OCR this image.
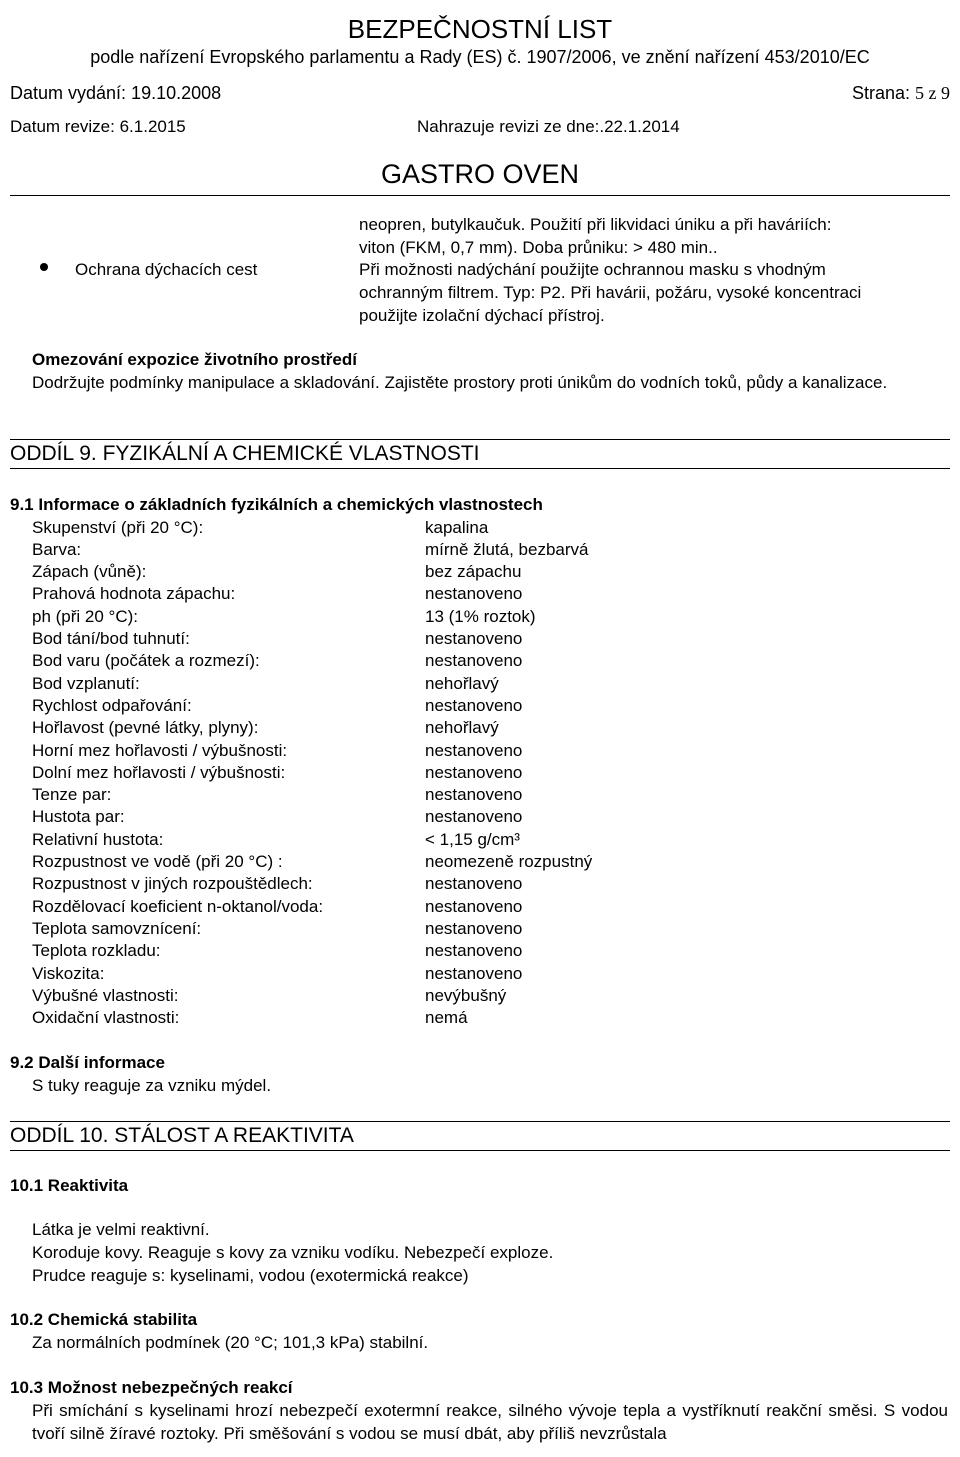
BEZPEČNOSTNÍ LIST
podle nařízení Evropského parlamentu a Rady (ES) č. 1907/2006, ve znění nařízení 453/2010/EC
Datum vydání: 19.10.2008	Strana: 5 z 9
Datum revize: 6.1.2015	Nahrazuje revizi ze dne:.22.1.2014
GASTRO OVEN
neopren, butylkaučuk. Použití při likvidaci úniku a při haváriích:
viton (FKM, 0,7 mm). Doba průniku: > 480 min..
Ochrana dýchacích cest	Při možnosti nadýchání použijte ochrannou masku s vhodným
ochranným filtrem. Typ: P2. Při havárii, požáru, vysoké koncentraci
použijte izolační dýchací přístroj.
Omezování expozice životního prostředí
Dodržujte podmínky manipulace a skladování. Zajistěte prostory proti únikům do vodních toků, půdy a kanalizace.
ODDÍL 9. FYZIKÁLNÍ A CHEMICKÉ VLASTNOSTI
9.1 Informace o základních fyzikálních a chemických vlastnostech
Skupenství (při 20 °C):	kapalina
Barva:	mírně žlutá, bezbarvá
Zápach (vůně):	bez zápachu
Prahová hodnota zápachu:	nestanoveno
ph (při 20 °C):	13 (1% roztok)
Bod tání/bod tuhnutí:	nestanoveno
Bod varu (počátek a rozmezí):	nestanoveno
Bod vzplanutí:	nehořlavý
Rychlost odpařování:	nestanoveno
Hořlavost (pevné látky, plyny):	nehořlavý
Horní mez hořlavosti / výbušnosti:	nestanoveno
Dolní mez hořlavosti / výbušnosti:	nestanoveno
Tenze par:	nestanoveno
Hustota par:	nestanoveno
Relativní hustota:	< 1,15 g/cm³
Rozpustnost ve vodě (při 20 °C) :	neomezeně rozpustný
Rozpustnost v jiných rozpouštědlech:	nestanoveno
Rozdělovací koeficient n-oktanol/voda:	nestanoveno
Teplota samovznícení:	nestanoveno
Teplota rozkladu:	nestanoveno
Viskozita:	nestanoveno
Výbušné vlastnosti:	nevýbušný
Oxidační vlastnosti:	nemá
9.2 Další informace
S tuky reaguje za vzniku mýdel.
ODDÍL 10. STÁLOST A REAKTIVITA
10.1 Reaktivita
Látka je velmi reaktivní.
Koroduje kovy. Reaguje s kovy za vzniku vodíku. Nebezpečí exploze.
Prudce reaguje s: kyselinami, vodou (exotermická reakce)
10.2 Chemická stabilita
Za normálních podmínek (20 °C; 101,3 kPa) stabilní.
10.3 Možnost nebezpečných reakcí
Při smíchání s kyselinami hrozí nebezpečí exotermní reakce, silného vývoje tepla a vystříknutí reakční směsi. S vodou tvoří silně žíravé roztoky. Při směšování s vodou se musí dbát, aby příliš nevzrůstala
